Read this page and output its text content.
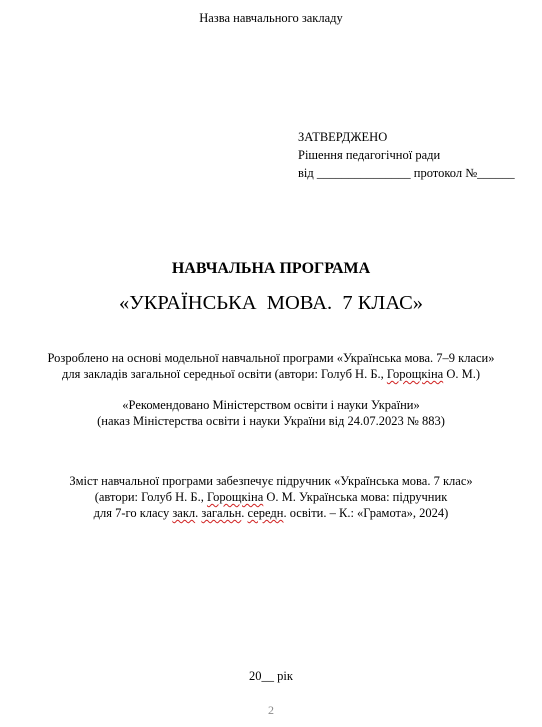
Назва навчального закладу
ЗАТВЕРДЖЕНО
Рішення педагогічної ради
від _______________ протокол №______
НАВЧАЛЬНА ПРОГРАМА
«УКРАЇНСЬКА  МОВА.  7 КЛАС»
Розроблено на основі модельної навчальної програми «Українська мова. 7–9 класи»
для закладів загальної середньої освіти (автори: Голуб Н. Б., Горощкіна О. М.)
«Рекомендовано Міністерством освіти і науки України»
(наказ Міністерства освіти і науки України від 24.07.2023 № 883)
Зміст навчальної програми забезпечує підручник «Українська мова. 7 клас»
(автори: Голуб Н. Б., Горощкіна О. М. Українська мова: підручник
для 7-го класу закл. загальн. середн. освіти. – К.: «Грамота», 2024)
20__ рік
2
